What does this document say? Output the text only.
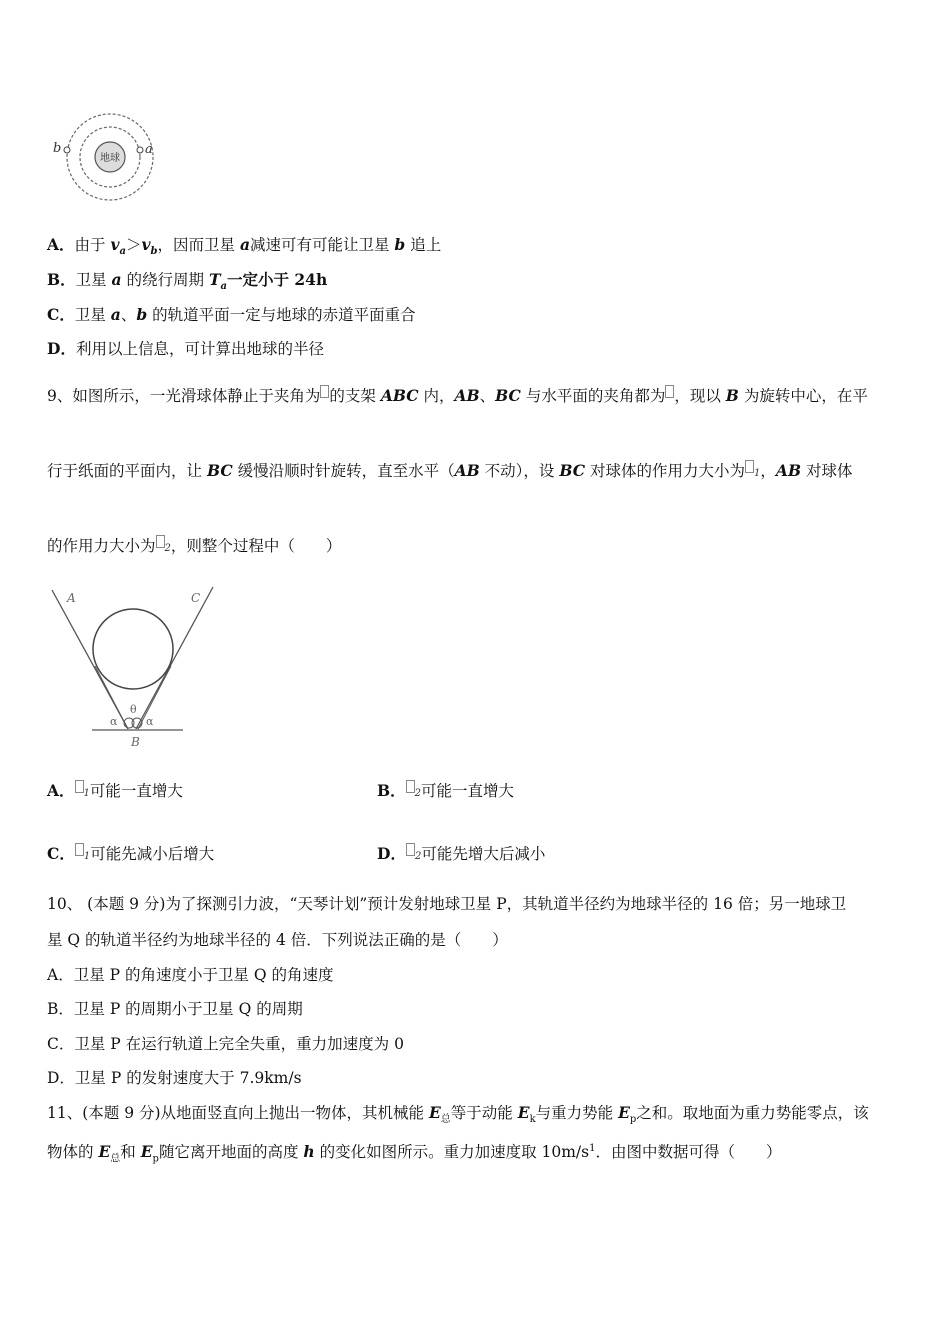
地球
a
b
A．由于 $v_a>v_b$，因而卫星 a减速可有可能让卫星 b 追上
B．卫星 a 的绕行周期 $T_a$一定小于 24h
C．卫星 a、b 的轨道平面一定与地球的赤道平面重合
D．利用以上信息，可计算出地球的半径
9、如图所示，一光滑球体静止于夹角为 的支架 ABC 内，AB、BC 与水平面的夹角都为 ，现以 B 为旋转中心，在平
行于纸面的平面内，让 BC 缓慢沿顺时针旋转，直至水平（AB 不动），设 BC 对球体的作用力大小为 1，AB 对球体
的作用力大小为 2，则整个过程中（　　）
A	C
θ
α	α
B
A． 1可能一直增大	B． 2可能一直增大
C． 1可能先减小后增大	D． 2可能先增大后减小
10、 (本题 9 分)为了探测引力波，“天琴计划”预计发射地球卫星 P，其轨道半径约为地球半径的 16 倍；另一地球卫
星 Q 的轨道半径约为地球半径的 4 倍．下列说法正确的是（　　）
A．卫星 P 的角速度小于卫星 Q 的角速度
B．卫星 P 的周期小于卫星 Q 的周期
C．卫星 P 在运行轨道上完全失重，重力加速度为 0
D．卫星 P 的发射速度大于 7.9km/s
11、(本题 9 分)从地面竖直向上抛出一物体，其机械能 $E_总$等于动能 $E_k$与重力势能 $E_p$之和。取地面为重力势能零点，该
物体的 $E_总$和 $E_p$随它离开地面的高度 h 的变化如图所示。重力加速度取 $10m/s^1$．由图中数据可得（　　）
